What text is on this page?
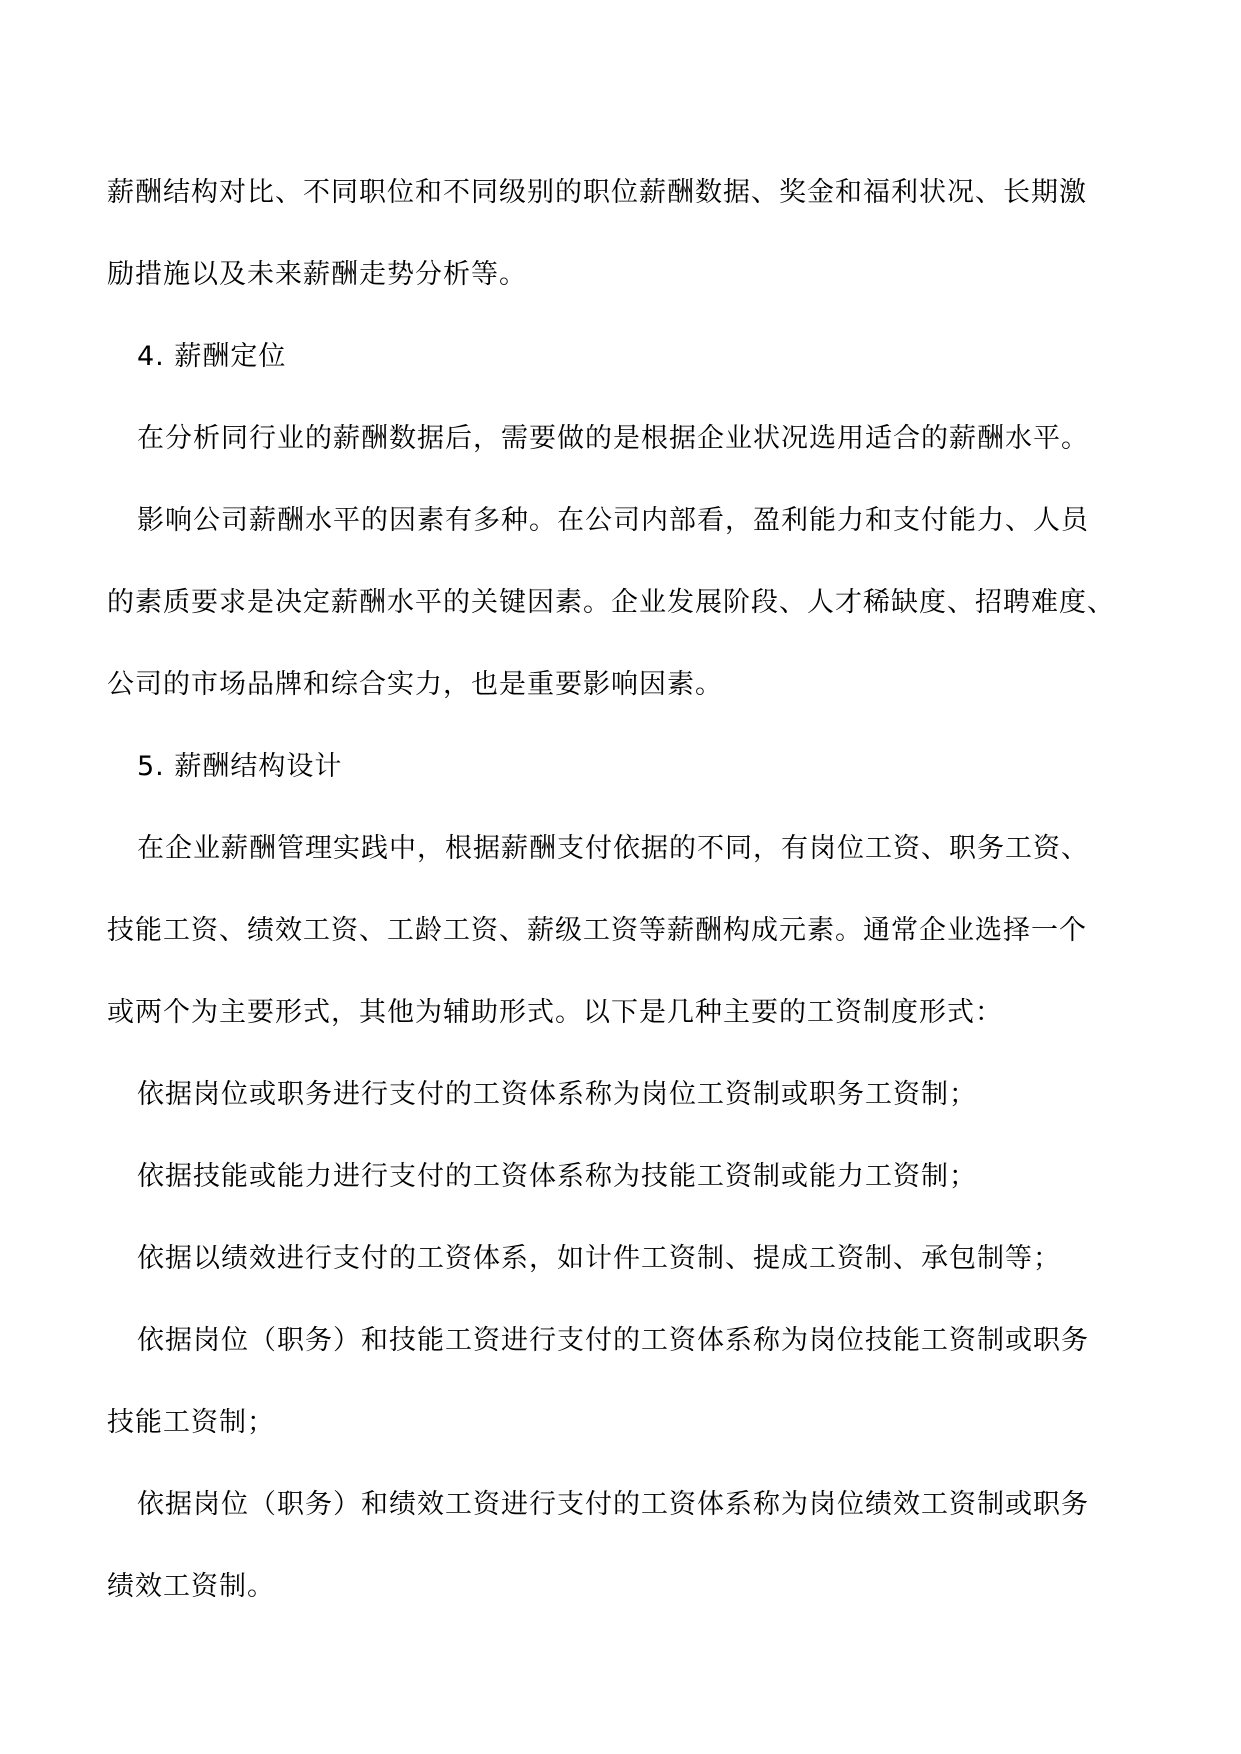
薪酬结构对比、不同职位和不同级别的职位薪酬数据、奖金和福利状况、长期激

励措施以及未来薪酬走势分析等。

4. 薪酬定位

在分析同行业的薪酬数据后，需要做的是根据企业状况选用适合的薪酬水平。

影响公司薪酬水平的因素有多种。在公司内部看，盈利能力和支付能力、人员

的素质要求是决定薪酬水平的关键因素。企业发展阶段、人才稀缺度、招聘难度、

公司的市场品牌和综合实力，也是重要影响因素。

5. 薪酬结构设计

在企业薪酬管理实践中，根据薪酬支付依据的不同，有岗位工资、职务工资、

技能工资、绩效工资、工龄工资、薪级工资等薪酬构成元素。通常企业选择一个

或两个为主要形式，其他为辅助形式。以下是几种主要的工资制度形式：

依据岗位或职务进行支付的工资体系称为岗位工资制或职务工资制；

依据技能或能力进行支付的工资体系称为技能工资制或能力工资制；

依据以绩效进行支付的工资体系，如计件工资制、提成工资制、承包制等；

依据岗位（职务）和技能工资进行支付的工资体系称为岗位技能工资制或职务

技能工资制；

依据岗位（职务）和绩效工资进行支付的工资体系称为岗位绩效工资制或职务

绩效工资制。
